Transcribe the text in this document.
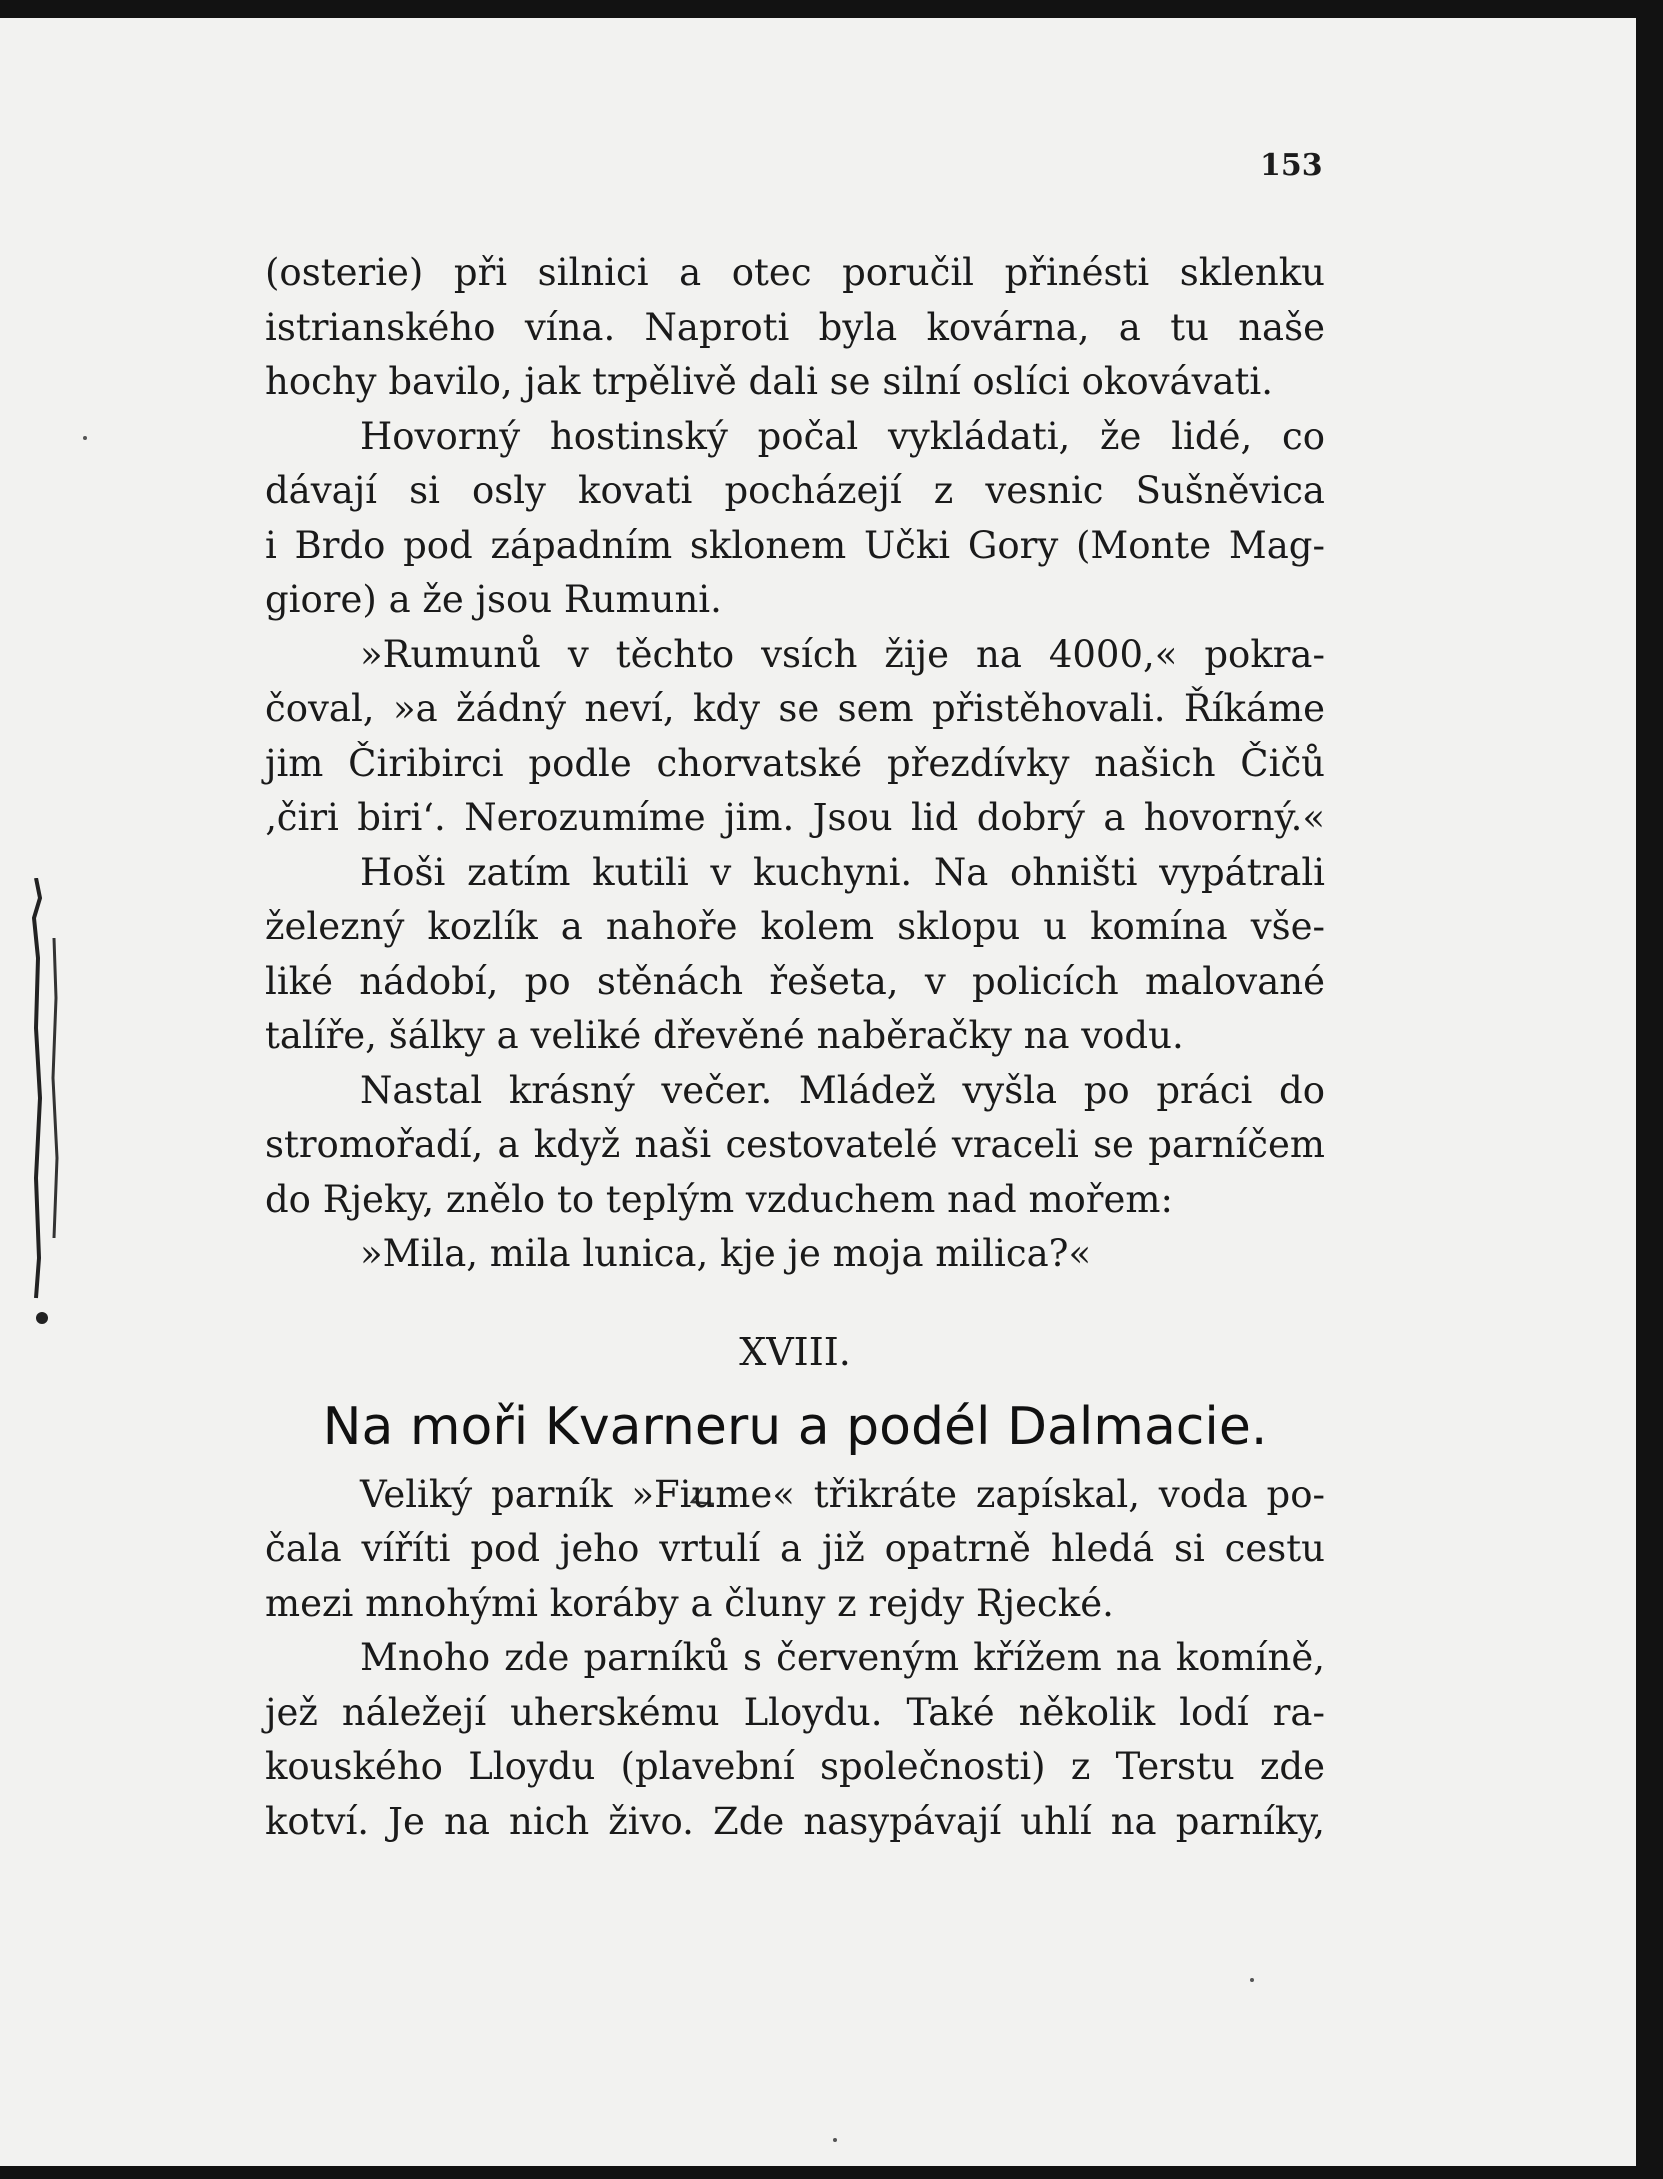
153
(osterie) při silnici a otec poručil přinésti sklenku
istrianského vína. Naproti byla kovárna, a tu naše
hochy bavilo, jak trpělivě dali se silní oslíci okovávati.
Hovorný hostinský počal vykládati, že lidé, co
dávají si osly kovati pocházejí z vesnic Sušněvica
i Brdo pod západním sklonem Učki Gory (Monte Mag-
giore) a že jsou Rumuni.
»Rumunů v těchto vsích žije na 4000,« pokra-
čoval, »a žádný neví, kdy se sem přistěhovali. Říkáme
jim Čiribirci podle chorvatské přezdívky našich Čičů
‚čiri biri‘. Nerozumíme jim. Jsou lid dobrý a hovorný.«
Hoši zatím kutili v kuchyni. Na ohništi vypátrali
železný kozlík a nahoře kolem sklopu u komína vše-
liké nádobí, po stěnách řešeta, v policích malované
talíře, šálky a veliké dřevěné naběračky na vodu.
Nastal krásný večer. Mládež vyšla po práci do
stromořadí, a když naši cestovatelé vraceli se parníčem
do Rjeky, znělo to teplým vzduchem nad mořem:
»Mila, mila lunica, kje je moja milica?«
XVIII.
Na moři Kvarneru a podél Dalmacie.
Veliký parník »Fiume« třikráte zapískal, voda po-
čala víříti pod jeho vrtulí a již opatrně hledá si cestu
mezi mnohými koráby a čluny z rejdy Rjecké.
Mnoho zde parníků s červeným křížem na komíně,
jež náležejí uherskému Lloydu. Také několik lodí ra-
kouského Lloydu (plavební společnosti) z Terstu zde
kotví. Je na nich živo. Zde nasypávají uhlí na parníky,
